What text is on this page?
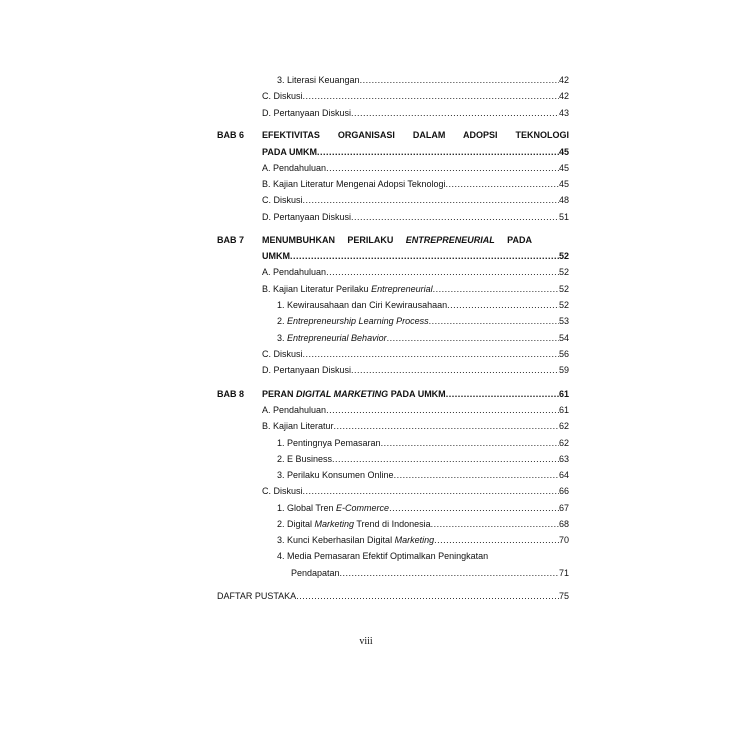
3. Literasi Keuangan .....	42
C. Diskusi .....	42
D. Pertanyaan Diskusi .....	43
BAB 6 EFEKTIVITAS ORGANISASI DALAM ADOPSI TEKNOLOGI
PADA UMKM .....	45
A. Pendahuluan .....	45
B. Kajian Literatur Mengenai Adopsi Teknologi .....	45
C. Diskusi .....	48
D. Pertanyaan Diskusi .....	51
BAB 7 MENUMBUHKAN PERILAKU ENTREPRENEURIAL PADA
UMKM .....	52
A. Pendahuluan .....	52
B. Kajian Literatur Perilaku Entrepreneurial .....	52
1. Kewirausahaan dan Ciri Kewirausahaan .....	52
2. Entrepreneurship Learning Process .....	53
3. Entrepreneurial Behavior .....	54
C. Diskusi .....	56
D. Pertanyaan Diskusi .....	59
BAB 8 PERAN DIGITAL MARKETING PADA UMKM .....	61
A. Pendahuluan .....	61
B. Kajian Literatur .....	62
1. Pentingnya Pemasaran .....	62
2. E Business .....	63
3. Perilaku Konsumen Online .....	64
C. Diskusi .....	66
1. Global Tren E-Commerce .....	67
2. Digital Marketing Trend di Indonesia .....	68
3. Kunci Keberhasilan Digital Marketing .....	70
4. Media Pemasaran Efektif Optimalkan Peningkatan
Pendapatan .....	71
DAFTAR PUSTAKA .....	75
viii
